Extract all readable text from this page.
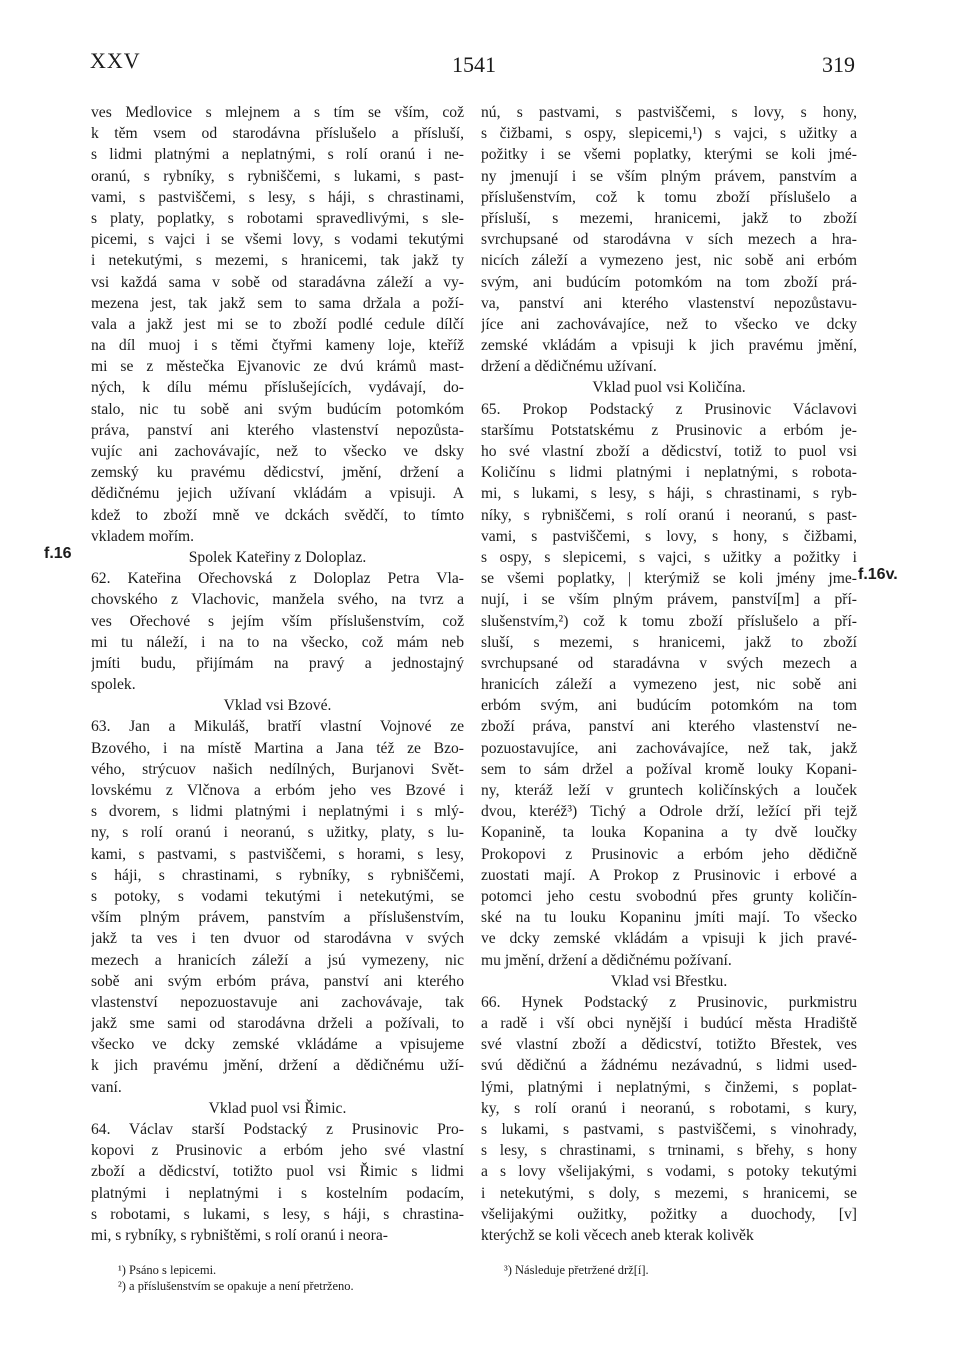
XXV	1541	319
f.16
f.16v.
ves Medlovice s mlejnem a s tím se vším, což
k těm vsem od starodávna příslušelo a přísluší,
s lidmi platnými a neplatnými, s rolí oranú i ne-
oranú, s rybníky, s rybniščemi, s lukami, s past-
vami, s pastviščemi, s lesy, s háji, s chrastinami,
s platy, poplatky, s robotami spravedlivými, s sle-
picemi, s vajci i se všemi lovy, s vodami tekutými
i netekutými, s mezemi, s hranicemi, tak jakž ty
vsi každá sama v sobě od staradávna záleží a vy-
mezena jest, tak jakž sem to sama držala a poží-
vala a jakž jest mi se to zboží podlé cedule dílčí
na díl muoj i s těmi čtyřmi kameny loje, kteříž
mi se z městečka Ejvanovic ze dvú krámů mast-
ných, k dílu mému příslušejících, vydávají, do-
stalo, nic tu sobě ani svým budúcím potomkóm
práva, panství ani kterého vlastenství nepozůsta-
vujíc ani zachovávajíc, než to všecko ve dsky
zemský ku pravému dědicství, jmění, držení a
dědičnému jejich užívaní vkládám a vpisuji. A
kdež to zboží mně ve dckách svědčí, to tímto
vkladem mořím.
Spolek Kateřiny z Doloplaz.
62. Kateřina Ořechovská z Doloplaz Petra Vla-
chovského z Vlachovic, manžela svého, na tvrz a
ves Ořechové s jejím vším příslušenstvím, což
mi tu náleží, i na to na všecko, což mám neb
jmíti budu, přijímám na pravý a jednostajný
spolek.
Vklad vsi Bzové.
63. Jan a Mikuláš, bratří vlastní Vojnové ze
Bzového, i na místě Martina a Jana též ze Bzo-
vého, strýcuov našich nedílných, Burjanovi Svět-
lovskému z Vlčnova a erbóm jeho ves Bzové i
s dvorem, s lidmi platnými i neplatnými i s mlý-
ny, s rolí oranú i neoranú, s užitky, platy, s lu-
kami, s pastvami, s pastviščemi, s horami, s lesy,
s háji, s chrastinami, s rybníky, s rybniščemi,
s potoky, s vodami tekutými i netekutými, se
vším plným právem, panstvím a příslušenstvím,
jakž ta ves i ten dvuor od starodávna v svých
mezech a hranicích záleží a jsú vymezeny, nic
sobě ani svým erbóm práva, panství ani kterého
vlastenství nepozuostavuje ani zachovávaje, tak
jakž sme sami od starodávna drželi a požívali, to
všecko ve dcky zemské vkládáme a vpisujeme
k jich pravému jmění, držení a dědičnému uží-
vaní.
Vklad puol vsi Řimic.
64. Václav starší Podstacký z Prusinovic Pro-
kopovi z Prusinovic a erbóm jeho své vlastní
zboží a dědicství, totižto puol vsi Řimic s lidmi
platnými i neplatnými i s kostelním podacím,
s robotami, s lukami, s lesy, s háji, s chrastina-
mi, s rybníky, s rybništěmi, s rolí oranú i neora-
nú, s pastvami, s pastviščemi, s lovy, s hony,
s čižbami, s ospy, slepicemi,¹) s vajci, s užitky a
požitky i se všemi poplatky, kterými se koli jmé-
ny jmenují i se vším plným právem, panstvím a
příslušenstvím, což k tomu zboží příslušelo a
přísluší, s mezemi, hranicemi, jakž to zboží
svrchupsané od starodávna v sích mezech a hra-
nicích záleží a vymezeno jest, nic sobě ani erbóm
svým, ani budúcím potomkóm na tom zboží prá-
va, panství ani kterého vlastenství nepozůstavu-
jíce ani zachovávajíce, než to všecko ve dcky
zemské vkládám a vpisuji k jich pravému jmění,
držení a dědičnému užívaní.
Vklad puol vsi Količína.
65. Prokop Podstacký z Prusinovic Václavovi
staršímu Potstatskému z Prusinovic a erbóm je-
ho své vlastní zboží a dědicství, totiž to puol vsi
Količínu s lidmi platnými i neplatnými, s robota-
mi, s lukami, s lesy, s háji, s chrastinami, s ryb-
níky, s rybniščemi, s rolí oranú i neoranú, s past-
vami, s pastviščemi, s lovy, s hony, s čižbami,
s ospy, s slepicemi, s vajci, s užitky a požitky i
se všemi poplatky, | kterýmiž se koli jmény jme-
nují, i se vším plným právem, panství[m] a pří-
slušenstvím,²) což k tomu zboží příslušelo a pří-
sluší, s mezemi, s hranicemi, jakž to zboží
svrchupsané od staradávna v svých mezech a
hranicích záleží a vymezeno jest, nic sobě ani
erbóm svým, ani budúcím potomkóm na tom
zboží práva, panství ani kterého vlastenství ne-
pozuostavujíce, ani zachovávajíce, než tak, jakž
sem to sám držel a požíval kromě louky Kopani-
ny, kteráž leží v gruntech količínských a louček
dvou, kteréž³) Tichý a Odrole drží, ležící při tejž
Kopanině, ta louka Kopanina a ty dvě loučky
Prokopovi z Prusinovic a erbóm jeho dědičně
zuostati mají. A Prokop z Prusinovic i erbové a
potomci jeho cestu svobodnú přes grunty količín-
ské na tu louku Kopaninu jmíti mají. To všecko
ve dcky zemské vkládám a vpisuji k jich pravé-
mu jmění, držení a dědičnému požívaní.
Vklad vsi Břestku.
66. Hynek Podstacký z Prusinovic, purkmistru
a radě i vší obci nynější i budúcí města Hradiště
své vlastní zboží a dědicství, totižto Břestek, ves
svú dědičnú a žádnému nezávadnú, s lidmi used-
lými, platnými i neplatnými, s činžemi, s poplat-
ky, s rolí oranú i neoranú, s robotami, s kury,
s lukami, s pastvami, s pastviščemi, s vinohrady,
s lesy, s chrastinami, s trninami, s břehy, s hony
a s lovy všelijakými, s vodami, s potoky tekutými
i netekutými, s doly, s mezemi, s hranicemi, se
všelijakými oužitky, požitky a duochody, [v]
kterýchž se koli věcech aneb kterak kolivěk
¹) Psáno s lepicemi.
²) a příslušenstvím se opakuje a není přetrženo.
³) Následuje přetržené drž[í].
